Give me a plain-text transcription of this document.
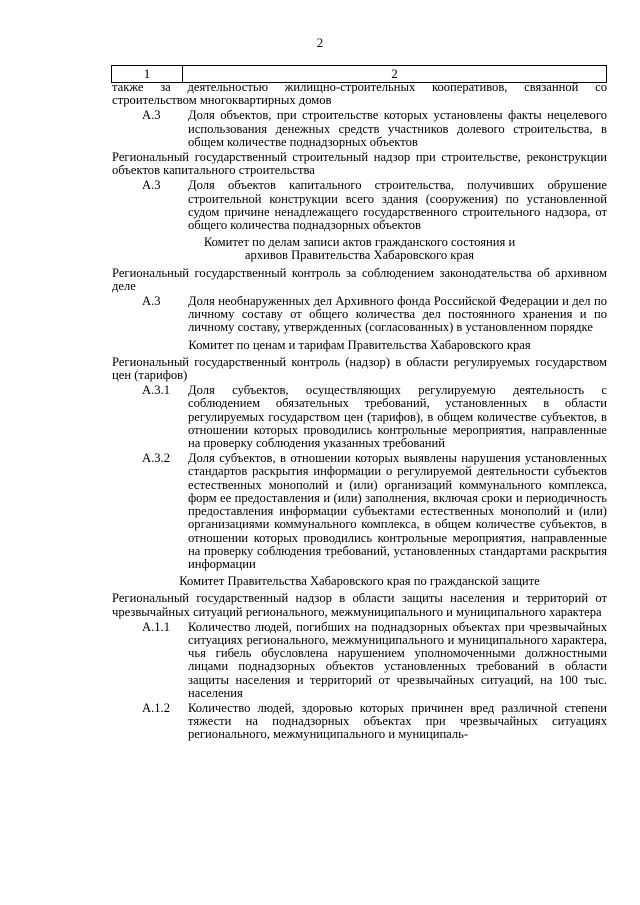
2
1	2
также за деятельностью жилищно-строительных кооперативов, связанной со строительством многоквартирных домов
А.3	Доля объектов, при строительстве которых установлены факты нецелевого использования денежных средств участников долевого строительства, в общем количестве поднадзорных объектов
Региональный государственный строительный надзор при строительстве, реконструкции объектов капитального строительства
А.3	Доля объектов капитального строительства, получивших обрушение строительной конструкции всего здания (сооружения) по установленной судом причине ненадлежащего государственного строительного надзора, от общего количества поднадзорных объектов
Комитет по делам записи актов гражданского состояния и
архивов Правительства Хабаровского края
Региональный государственный контроль за соблюдением законодательства об архивном деле
А.3	Доля необнаруженных дел Архивного фонда Российской Федерации и дел по личному составу от общего количества дел постоянного хранения и по личному составу, утвержденных (согласованных) в установленном порядке
Комитет по ценам и тарифам Правительства Хабаровского края
Региональный государственный контроль (надзор) в области регулируемых государством цен (тарифов)
А.3.1	Доля субъектов, осуществляющих регулируемую деятельность с соблюдением обязательных требований, установленных в области регулируемых государством цен (тарифов), в общем количестве субъектов, в отношении которых проводились контрольные мероприятия, направленные на проверку соблюдения указанных требований
А.3.2	Доля субъектов, в отношении которых выявлены нарушения установленных стандартов раскрытия информации о регулируемой деятельности субъектов естественных монополий и (или) организаций коммунального комплекса, форм ее предоставления и (или) заполнения, включая сроки и периодичность предоставления информации субъектами естественных монополий и (или) организациями коммунального комплекса, в общем количестве субъектов, в отношении которых проводились контрольные мероприятия, направленные на проверку соблюдения требований, установленных стандартами раскрытия информации
Комитет Правительства Хабаровского края по гражданской защите
Региональный государственный надзор в области защиты населения и территорий от чрезвычайных ситуаций регионального, межмуниципального и муниципального характера
А.1.1	Количество людей, погибших на поднадзорных объектах при чрезвычайных ситуациях регионального, межмуниципального и муниципального характера, чья гибель обусловлена нарушением уполномоченными должностными лицами поднадзорных объектов установленных требований в области защиты населения и территорий от чрезвычайных ситуаций, на 100 тыс. населения
А.1.2	Количество людей, здоровью которых причинен вред различной степени тяжести на поднадзорных объектах при чрезвычайных ситуациях регионального, межмуниципального и муниципаль-
